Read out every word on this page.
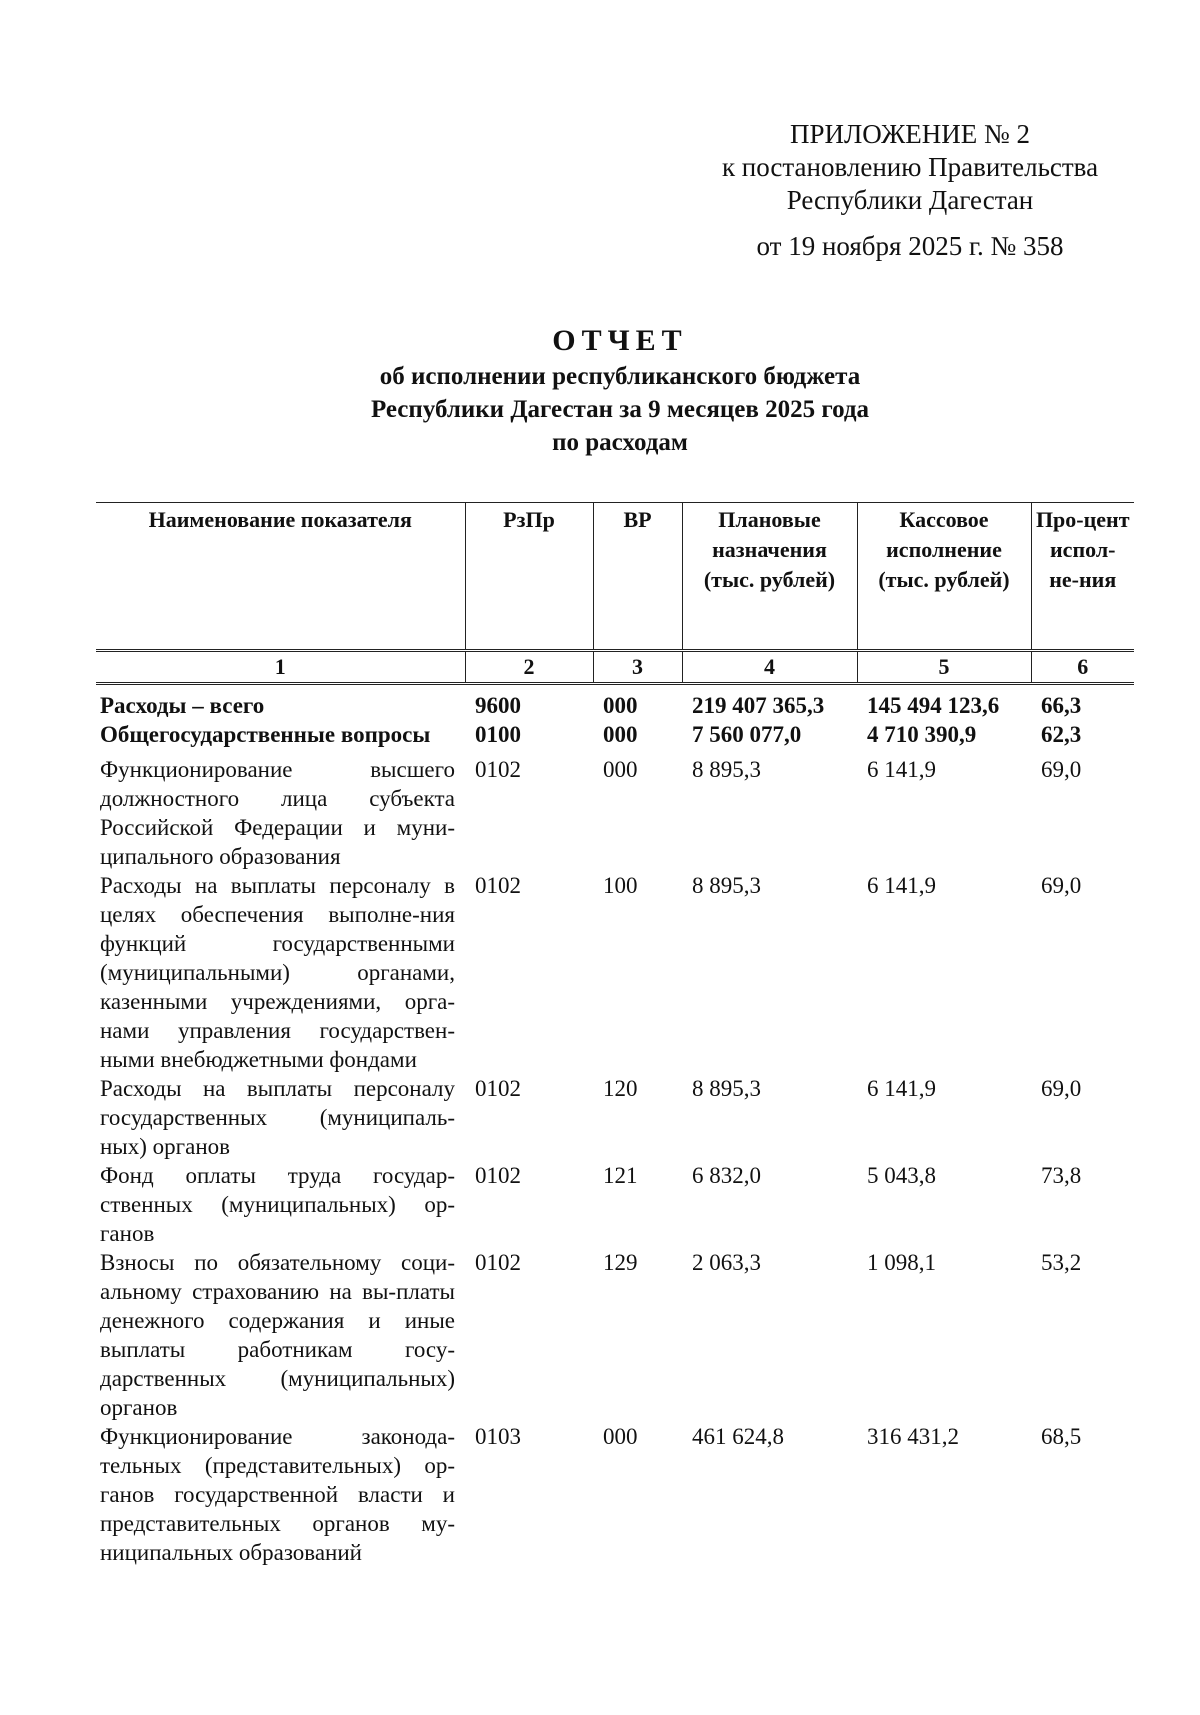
ПРИЛОЖЕНИЕ № 2
к постановлению Правительства
Республики Дагестан
от 19 ноября 2025 г. № 358
ОТЧЕТ
об исполнении республиканского бюджета
Республики Дагестан за 9 месяцев 2025 года
по расходам
Наименование показателя	РзПр	ВР	Плановые назначения (тыс. рублей)	Кассовое исполнение (тыс. рублей)	Про-цент испол-не-ния
1	2	3	4	5	6
Расходы – всего	9600	000	219 407 365,3	145 494 123,6	66,3
Общегосударственные вопросы	0100	000	7 560 077,0	4 710 390,9	62,3
Функционирование высшего должностного лица субъекта Российской Федерации и муни-ципального образования	0102	000	8 895,3	6 141,9	69,0
Расходы на выплаты персоналу в целях обеспечения выполне-ния функций государственными (муниципальными) органами, казенными учреждениями, орга-нами управления государствен-ными внебюджетными фондами	0102	100	8 895,3	6 141,9	69,0
Расходы на выплаты персоналу государственных (муниципаль-ных) органов	0102	120	8 895,3	6 141,9	69,0
Фонд оплаты труда государ-ственных (муниципальных) ор-ганов	0102	121	6 832,0	5 043,8	73,8
Взносы по обязательному соци-альному страхованию на вы-платы денежного содержания и иные выплаты работникам госу-дарственных (муниципальных) органов	0102	129	2 063,3	1 098,1	53,2
Функционирование законода-тельных (представительных) ор-ганов государственной власти и представительных органов му-ниципальных образований	0103	000	461 624,8	316 431,2	68,5
